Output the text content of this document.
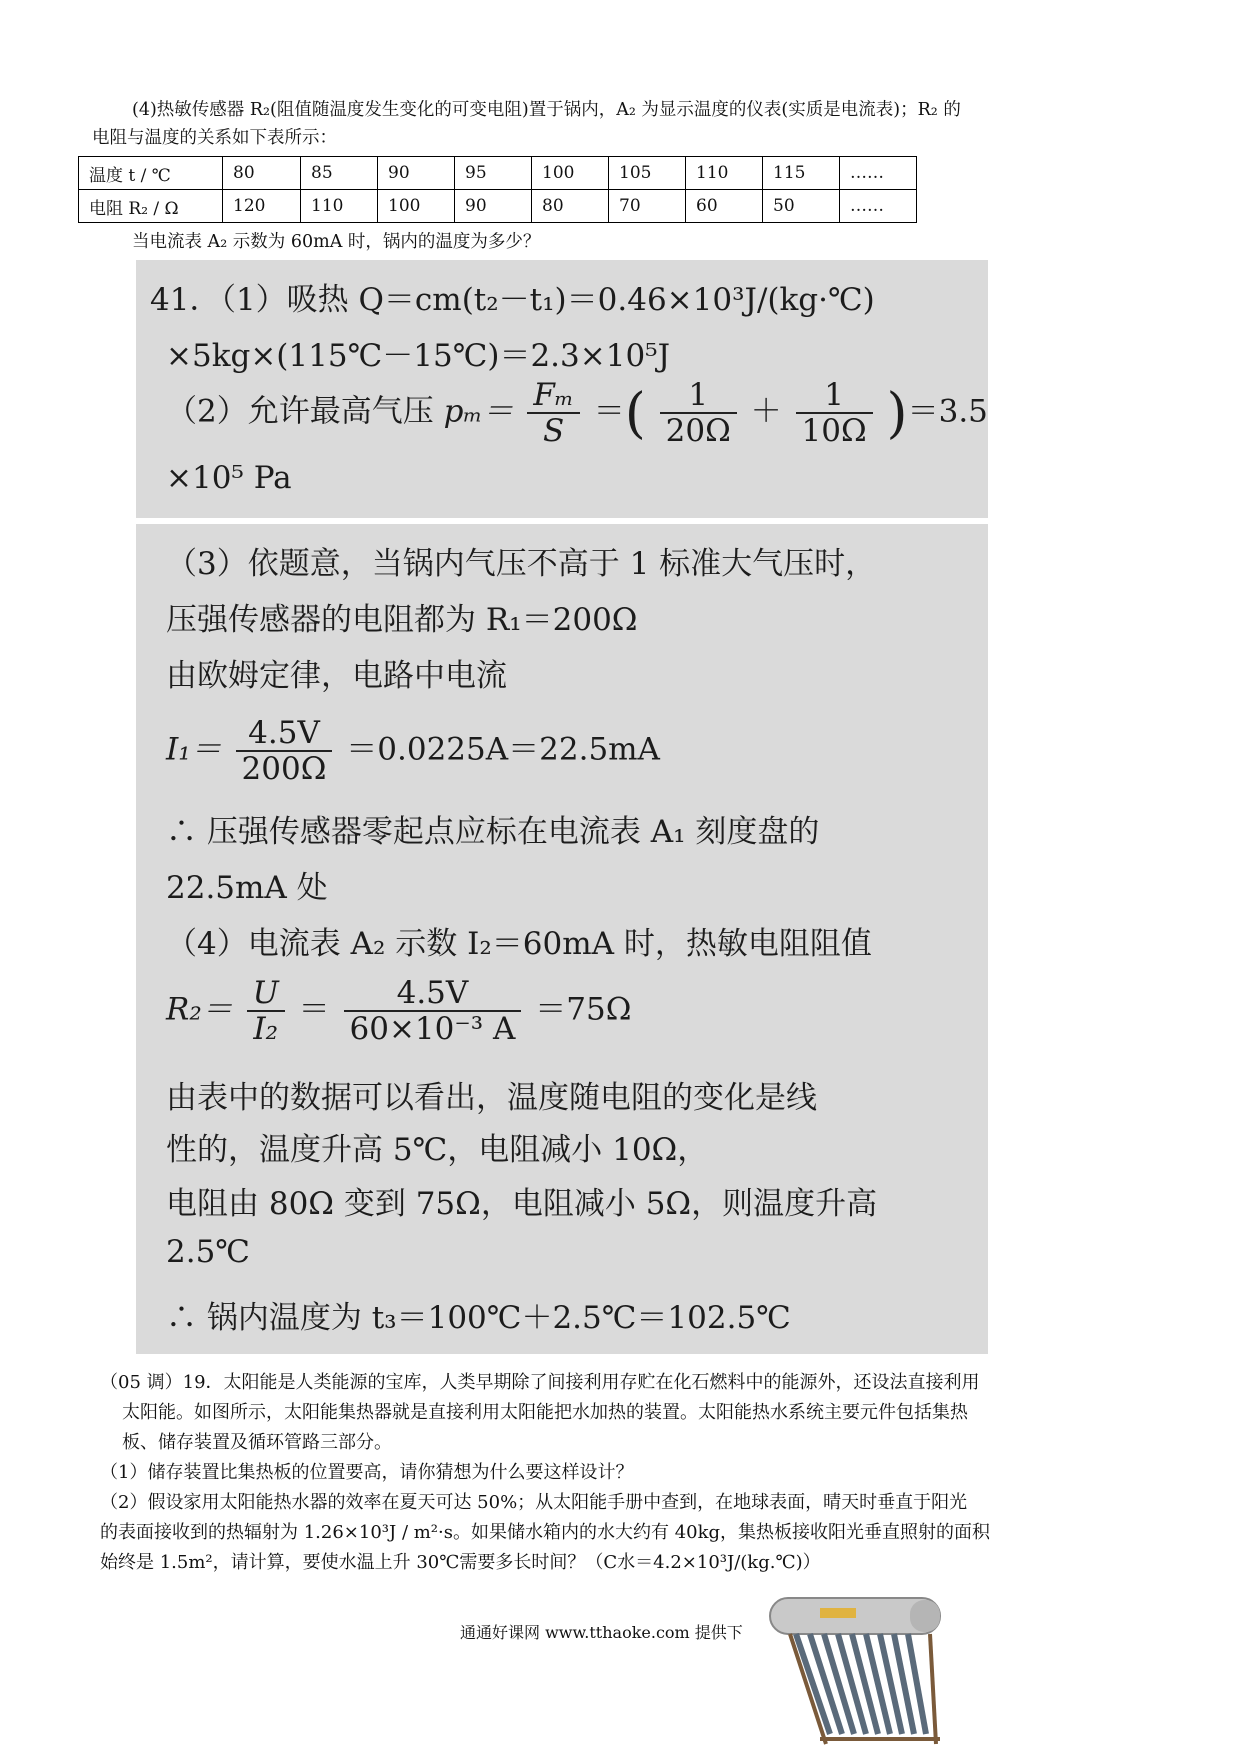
(4)热敏传感器 R₂(阻值随温度发生变化的可变电阻)置于锅内，A₂ 为显示温度的仪表(实质是电流表)；R₂ 的
电阻与温度的关系如下表所示：
温度 t / ℃	80	85	90	95	100	105	110	115	……
电阻 R₂ / Ω	120	110	100	90	80	70	60	50	……
当电流表 A₂ 示数为 60mA 时，锅内的温度为多少？
41．（1）吸热 Q＝cm(t₂－t₁)＝0.46×10³J/(kg·℃)
×5kg×(115℃－15℃)＝2.3×10⁵J
（2）允许最高气压 $p_m= \frac{\text{Fₘ}}{S}$ ＝( $\frac{1}{20\Omega} + \frac{1}{10\Omega} )=3.5$
×10⁵ Pa
（3）依题意，当锅内气压不高于 1 标准大气压时，
压强传感器的电阻都为 R₁＝200Ω
由欧姆定律，电路中电流
$I_1= \frac{4.5V}{200\Omega} =0.0225A=22.5mA$
∴ 压强传感器零起点应标在电流表 A₁ 刻度盘的
22.5mA 处
（4）电流表 A₂ 示数 I₂＝60mA 时，热敏电阻阻值
$R_2= \frac{U}{\text{I₂}} = \frac{4.5V}{\text{60×10⁻³ A}} =75\Omega$
由表中的数据可以看出，温度随电阻的变化是线
性的，温度升高 5℃，电阻减小 10Ω，
电阻由 80Ω 变到 75Ω，电阻减小 5Ω，则温度升高
2.5℃
∴ 锅内温度为 t₃＝100℃＋2.5℃＝102.5℃

（05 调）19．太阳能是人类能源的宝库，人类早期除了间接利用存贮在化石燃料中的能源外，还设法直接利用

太阳能。如图所示，太阳能集热器就是直接利用太阳能把水加热的装置。太阳能热水系统主要元件包括集热

板、储存装置及循环管路三部分。

（1）储存装置比集热板的位置要高，请你猜想为什么要这样设计？

（2）假设家用太阳能热水器的效率在夏天可达 50%；从太阳能手册中查到，在地球表面，晴天时垂直于阳光

的表面接收到的热辐射为 1.26×10³J / m²·s。如果储水箱内的水大约有 40kg，集热板接收阳光垂直照射的面积

始终是 1.5m²，请计算，要使水温上升 30℃需要多长时间？（C水＝4.2×10³J/(kg.℃)）

通通好课网 www.tthaoke.com 提供下
